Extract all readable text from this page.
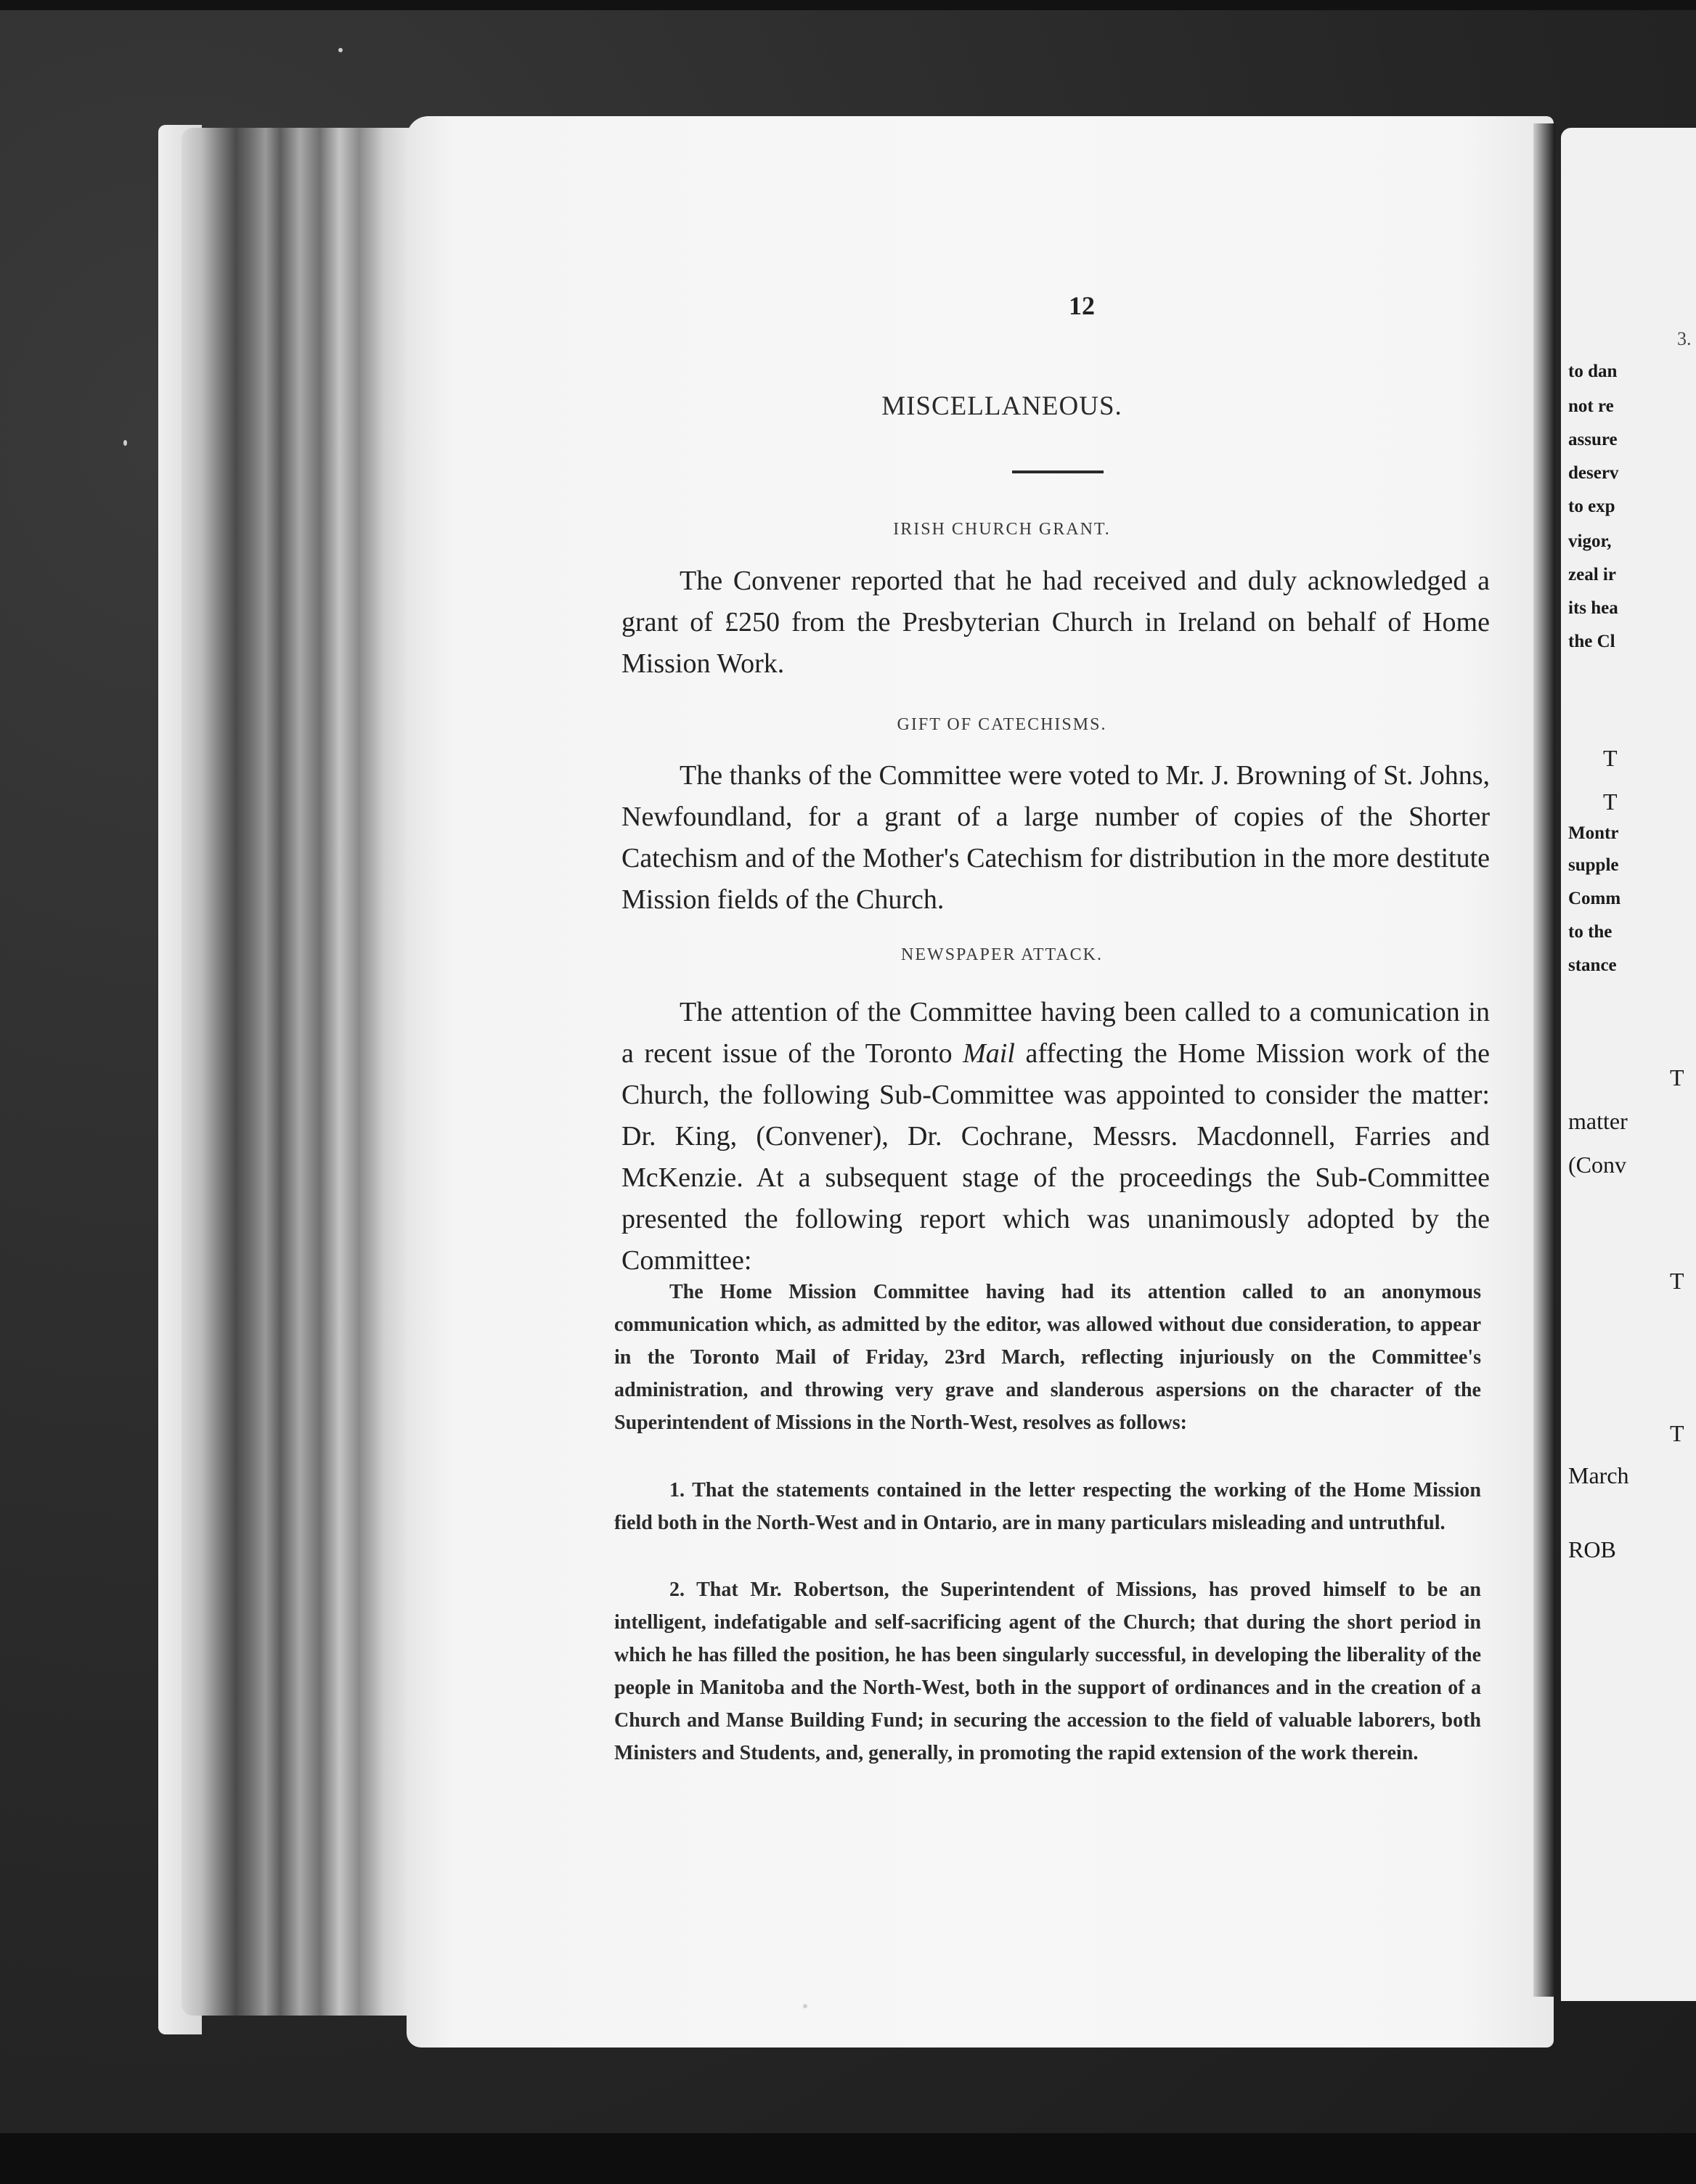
3.
to dan
not re
assure
deserv
to exp
vigor,
zeal ir
its hea
the Cl
T
T
Montr
supple
Comm
to the
stance
T
matter
(Conv
T
T
March
ROB
12
MISCELLANEOUS.
IRISH CHURCH GRANT.

The Convener reported that he had received and duly acknowledged a grant of £250 from the Presbyterian Church in Ireland on behalf of Home Mission Work.

GIFT OF CATECHISMS.

The thanks of the Committee were voted to Mr. J. Browning of St. Johns, Newfoundland, for a grant of a large number of copies of the Shorter Catechism and of the Mother's Catechism for distribution in the more destitute Mission fields of the Church.

NEWSPAPER ATTACK.

The attention of the Committee having been called to a comunication in a recent issue of the Toronto Mail affecting the Home Mission work of the Church, the following Sub-Committee was appointed to consider the matter: Dr. King, (Convener), Dr. Cochrane, Messrs. Macdonnell, Farries and McKenzie. At a subsequent stage of the proceedings the Sub-Committee presented the following report which was unanimously adopted by the Committee:

The Home Mission Committee having had its attention called to an anonymous communication which, as admitted by the editor, was allowed without due consideration, to appear in the Toronto Mail of Friday, 23rd March, reflecting injuriously on the Committee's administration, and throwing very grave and slanderous aspersions on the character of the Superintendent of Missions in the North-West, resolves as follows:

1. That the statements contained in the letter respecting the working of the Home Mission field both in the North-West and in Ontario, are in many particulars misleading and untruthful.

2. That Mr. Robertson, the Superintendent of Missions, has proved himself to be an intelligent, indefatigable and self-sacrificing agent of the Church; that during the short period in which he has filled the position, he has been singularly successful, in developing the liberality of the people in Manitoba and the North-West, both in the support of ordinances and in the creation of a Church and Manse Building Fund; in securing the accession to the field of valuable laborers, both Ministers and Students, and, generally, in promoting the rapid extension of the work therein.
